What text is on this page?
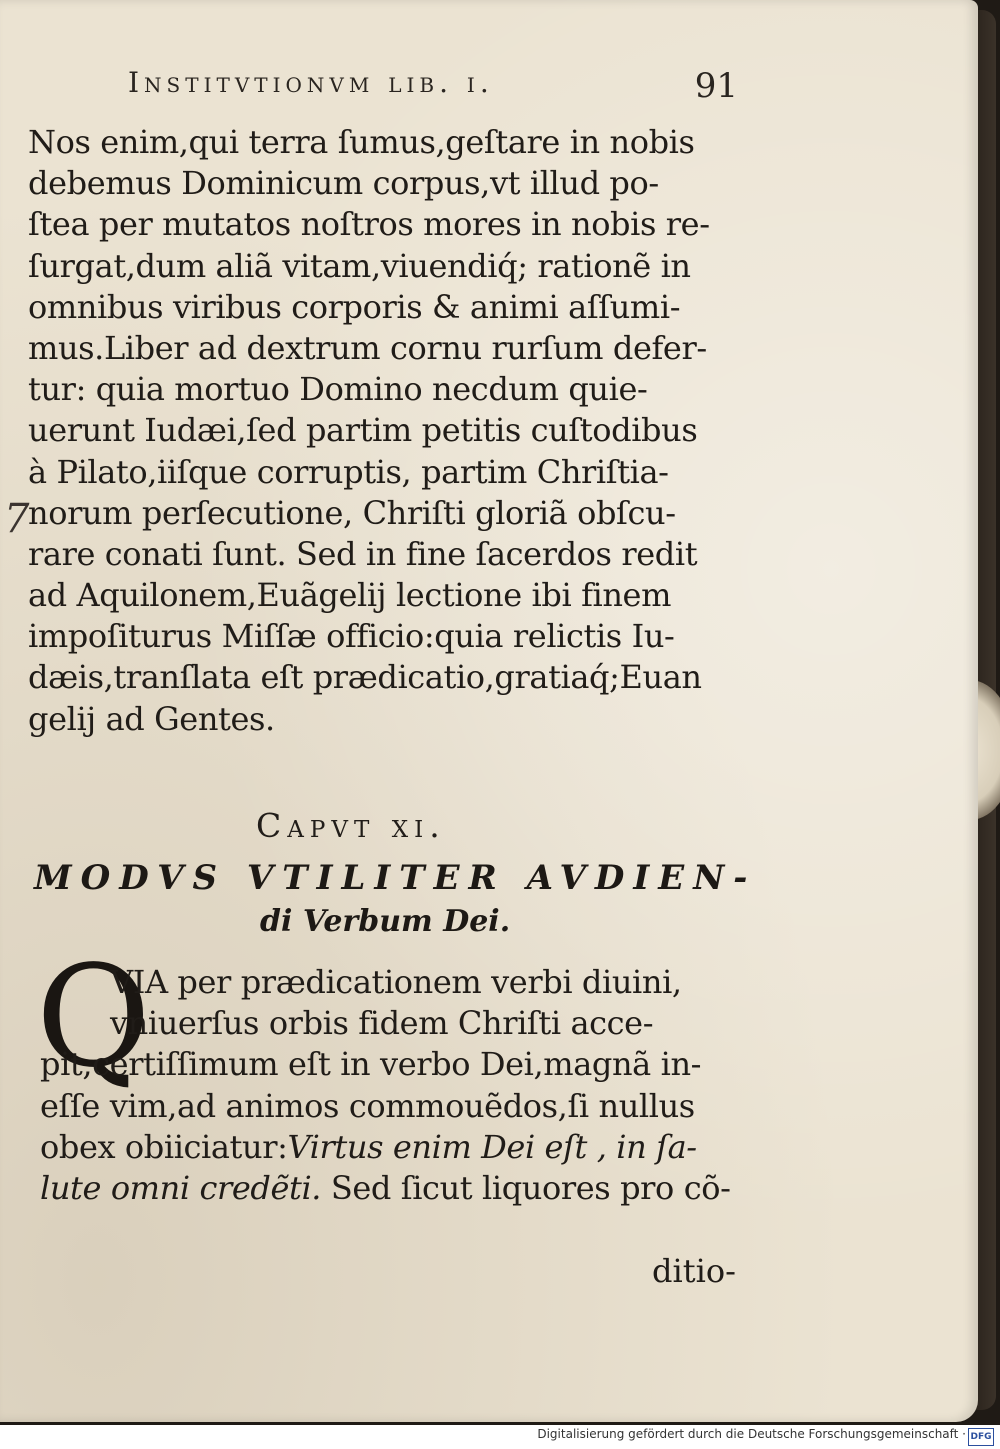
Institvtionvm lib. i.	91
7
Nos enim,qui terra ſumus,geſtare in nobis
debemus Dominicum corpus,vt illud po-
ſtea per mutatos noſtros mores in nobis re-
ſurgat,dum aliã vitam,viuendiq́; rationẽ in
omnibus viribus corporis & animi aſſumi-
mus.Liber ad dextrum cornu rurſum defer-
tur: quia mortuo Domino necdum quie-
uerunt Iudæi,ſed partim petitis cuſtodibus
à Pilato,iiſque corruptis, partim Chriſtia-
norum perſecutione, Chriſti gloriã obſcu-
rare conati ſunt. Sed in fine ſacerdos redit
ad Aquilonem,Euãgelij lectione ibi finem
impoſiturus Miſſæ officio:quia relictis Iu-
dæis,tranſlata eſt prædicatio,gratiaq́;Euan
gelij ad Gentes.
Capvt xi.
MODVS VTILITER AVDIEN-
di Verbum Dei.
Q
VIA per prædicationem verbi diuini,
vniuerſus orbis fidem Chriſti acce-
pit,certiſſimum eſt in verbo Dei,magnã in-
eſſe vim,ad animos commouẽdos,ſi nullus
obex obiiciatur:Virtus enim Dei eſt , in ſa-
lute omni credẽti. Sed ſicut liquores pro cõ-
ditio-
Digitalisierung gefördert durch die Deutsche Forschungsgemeinschaft · DFG
